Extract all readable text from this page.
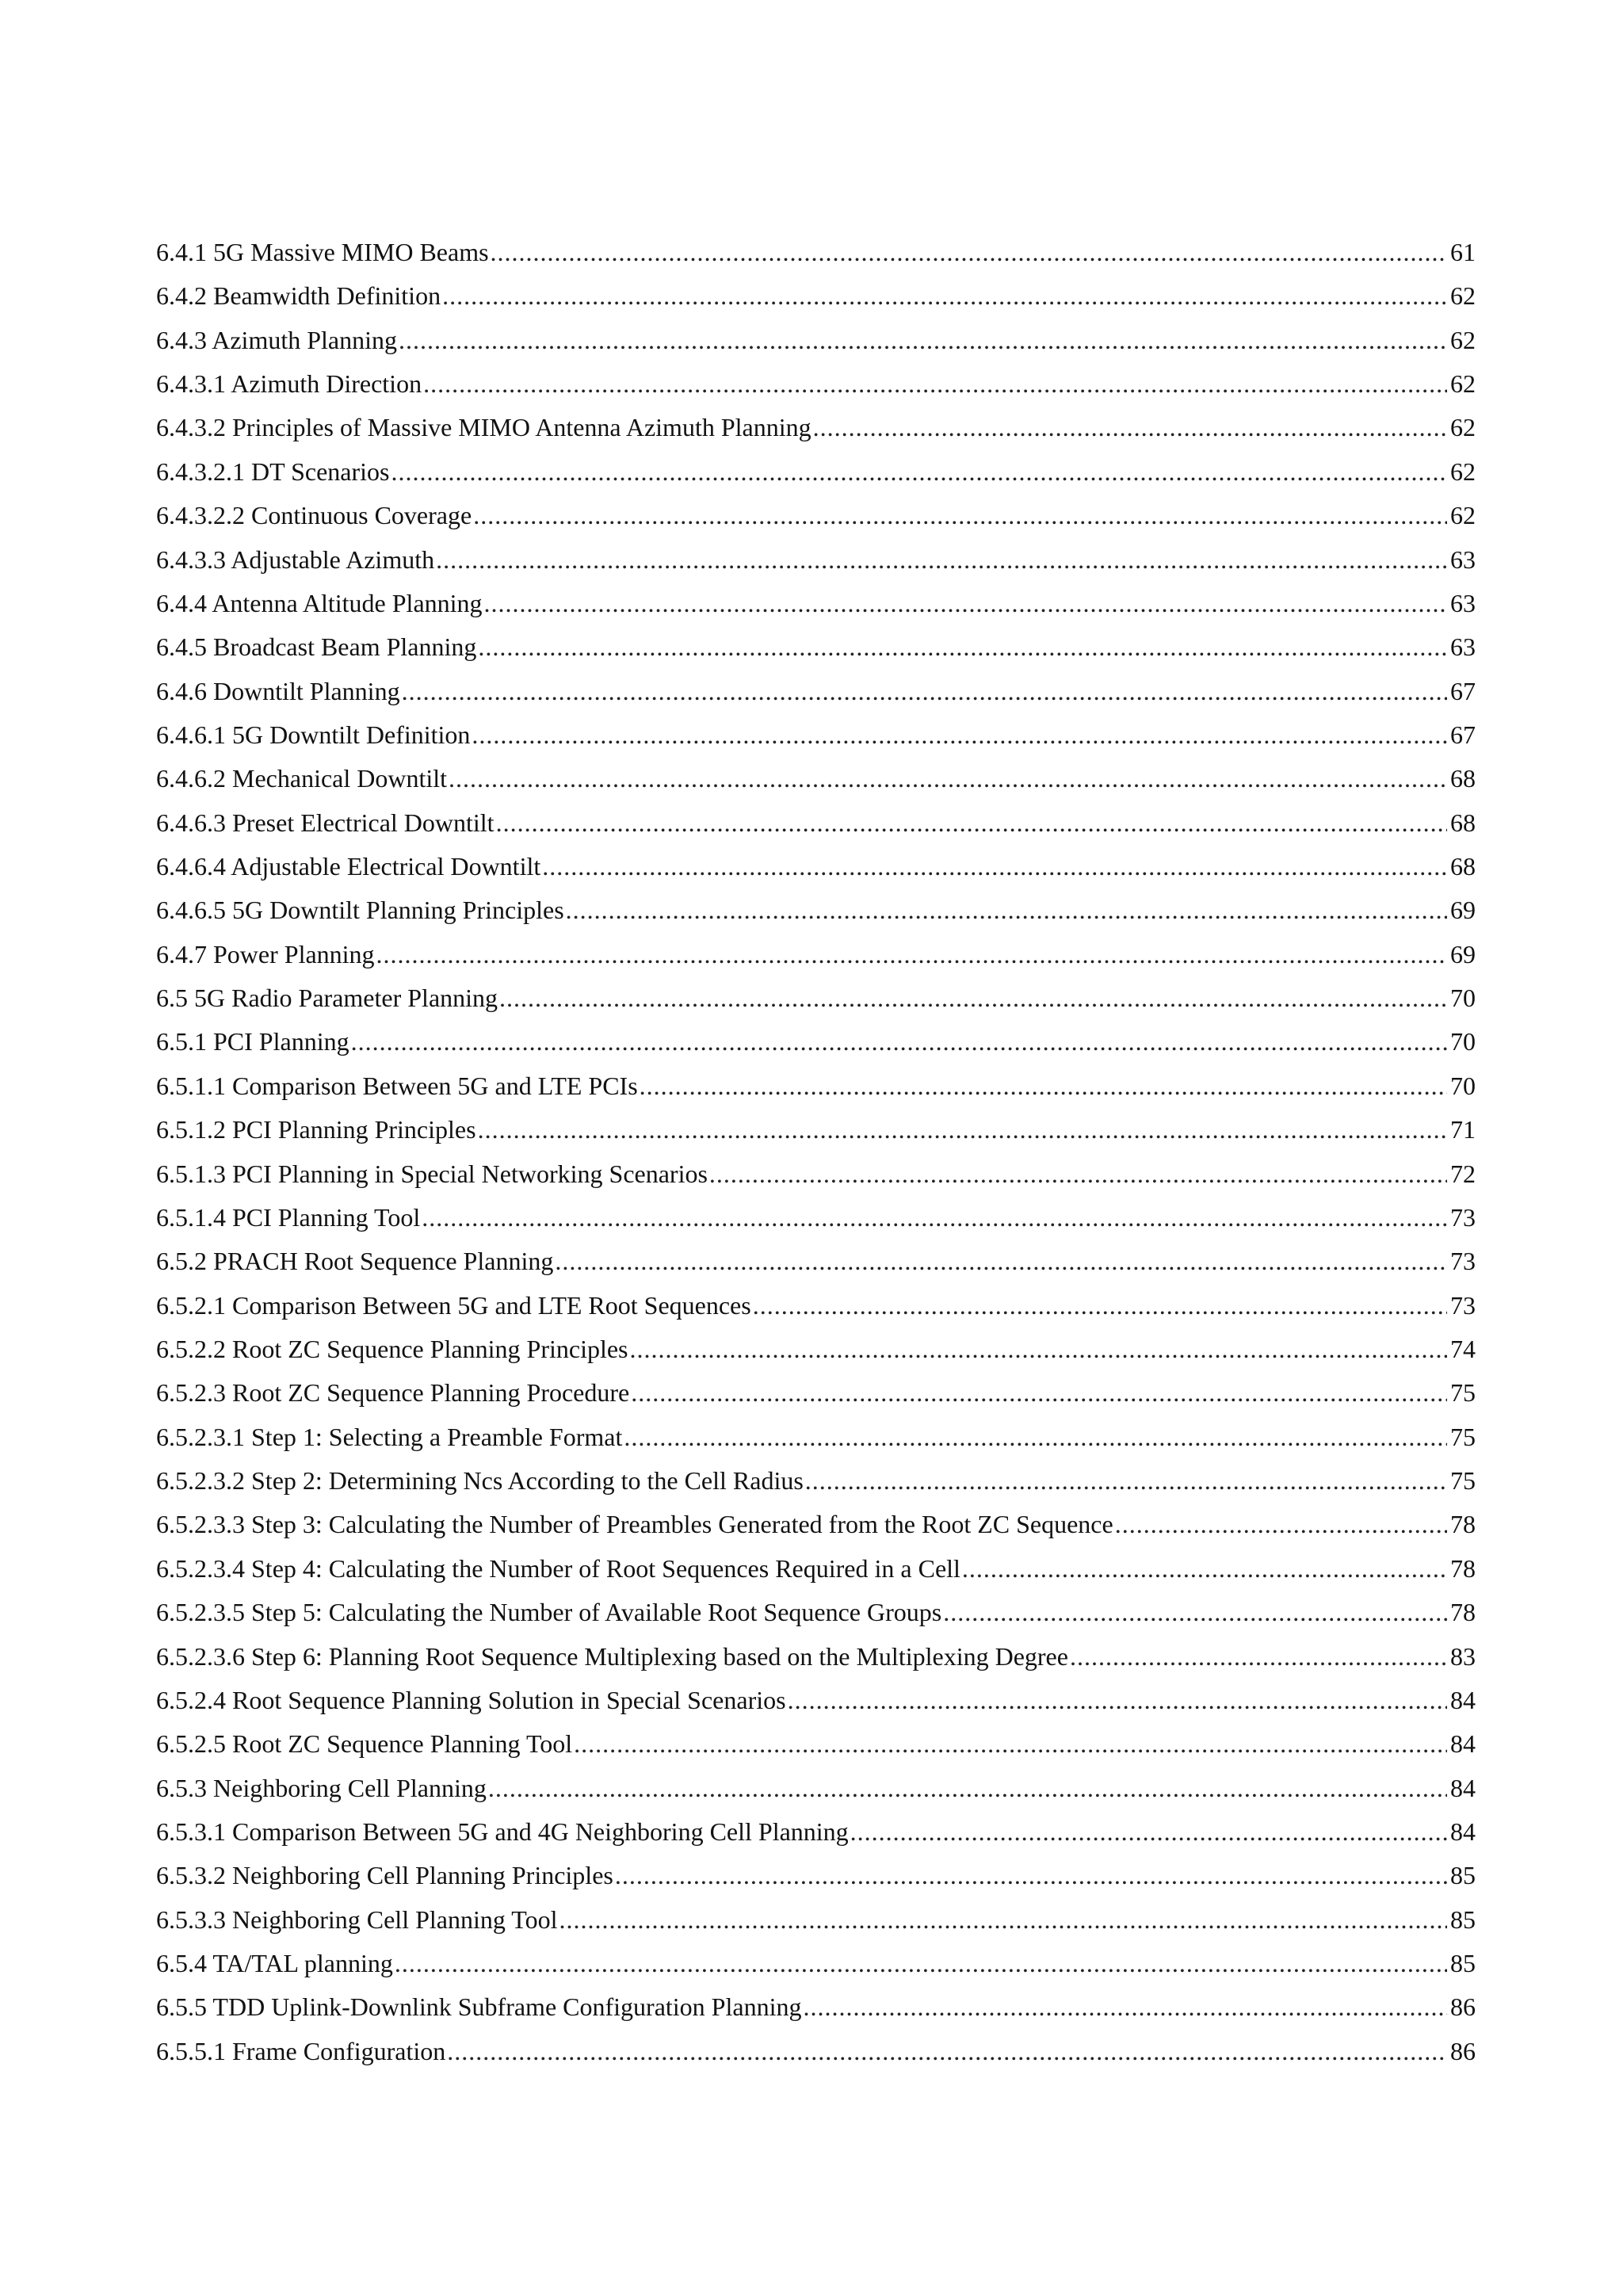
6.4.1 5G Massive MIMO Beams .....	61
6.4.2 Beamwidth Definition .....	62
6.4.3 Azimuth Planning .....	62
6.4.3.1 Azimuth Direction .....	62
6.4.3.2 Principles of Massive MIMO Antenna Azimuth Planning .....	62
6.4.3.2.1 DT Scenarios .....	62
6.4.3.2.2 Continuous Coverage .....	62
6.4.3.3 Adjustable Azimuth .....	63
6.4.4 Antenna Altitude Planning .....	63
6.4.5 Broadcast Beam Planning .....	63
6.4.6 Downtilt Planning .....	67
6.4.6.1 5G Downtilt Definition .....	67
6.4.6.2 Mechanical Downtilt .....	68
6.4.6.3 Preset Electrical Downtilt .....	68
6.4.6.4 Adjustable Electrical Downtilt .....	68
6.4.6.5 5G Downtilt Planning Principles .....	69
6.4.7 Power Planning .....	69
6.5 5G Radio Parameter Planning .....	70
6.5.1 PCI Planning .....	70
6.5.1.1 Comparison Between 5G and LTE PCIs .....	70
6.5.1.2 PCI Planning Principles .....	71
6.5.1.3 PCI Planning in Special Networking Scenarios .....	72
6.5.1.4 PCI Planning Tool .....	73
6.5.2 PRACH Root Sequence Planning .....	73
6.5.2.1 Comparison Between 5G and LTE Root Sequences .....	73
6.5.2.2 Root ZC Sequence Planning Principles .....	74
6.5.2.3 Root ZC Sequence Planning Procedure .....	75
6.5.2.3.1 Step 1: Selecting a Preamble Format .....	75
6.5.2.3.2 Step 2: Determining Ncs According to the Cell Radius .....	75
6.5.2.3.3 Step 3: Calculating the Number of Preambles Generated from the Root ZC Sequence .....	78
6.5.2.3.4 Step 4: Calculating the Number of Root Sequences Required in a Cell .....	78
6.5.2.3.5 Step 5: Calculating the Number of Available Root Sequence Groups .....	78
6.5.2.3.6 Step 6: Planning Root Sequence Multiplexing based on the Multiplexing Degree .....	83
6.5.2.4 Root Sequence Planning Solution in Special Scenarios .....	84
6.5.2.5 Root ZC Sequence Planning Tool .....	84
6.5.3 Neighboring Cell Planning .....	84
6.5.3.1 Comparison Between 5G and 4G Neighboring Cell Planning .....	84
6.5.3.2 Neighboring Cell Planning Principles .....	85
6.5.3.3 Neighboring Cell Planning Tool .....	85
6.5.4 TA/TAL planning .....	85
6.5.5 TDD Uplink-Downlink Subframe Configuration Planning .....	86
6.5.5.1 Frame Configuration .....	86
